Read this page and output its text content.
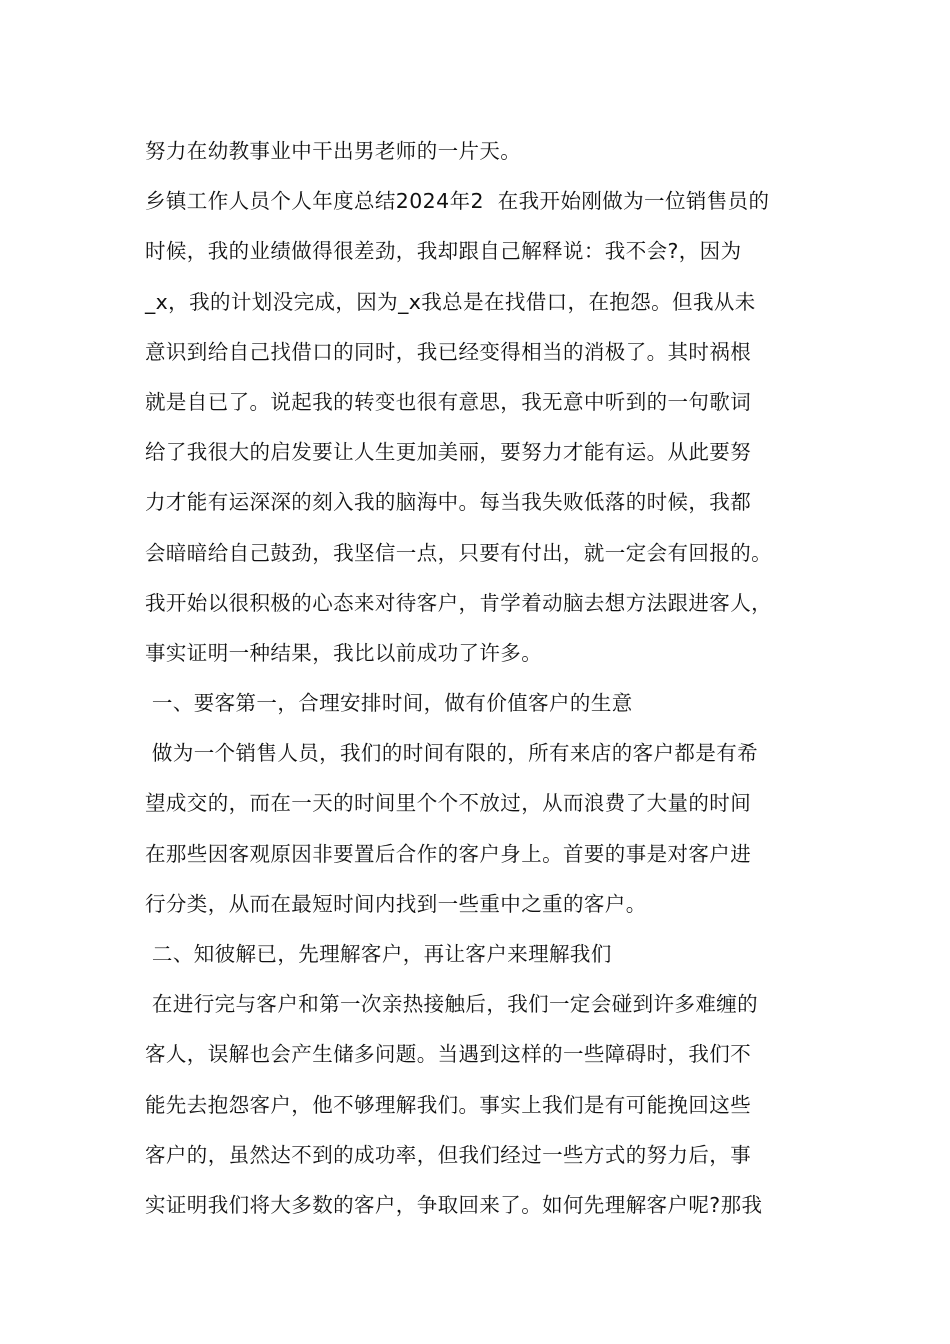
努力在幼教事业中干出男老师的一片天。
乡镇工作人员个人年度总结2024年2  在我开始刚做为一位销售员的
时候，我的业绩做得很差劲，我却跟自己解释说：我不会?，因为
_x，我的计划没完成，因为_x我总是在找借口，在抱怨。但我从未
意识到给自己找借口的同时，我已经变得相当的消极了。其时祸根
就是自已了。说起我的转变也很有意思，我无意中听到的一句歌词
给了我很大的启发要让人生更加美丽，要努力才能有运。从此要努
力才能有运深深的刻入我的脑海中。每当我失败低落的时候，我都
会暗暗给自己鼓劲，我坚信一点，只要有付出，就一定会有回报的。
我开始以很积极的心态来对待客户，肯学着动脑去想方法跟进客人，
事实证明一种结果，我比以前成功了许多。
一、要客第一，合理安排时间，做有价值客户的生意
做为一个销售人员，我们的时间有限的，所有来店的客户都是有希
望成交的，而在一天的时间里个个不放过，从而浪费了大量的时间
在那些因客观原因非要置后合作的客户身上。首要的事是对客户进
行分类，从而在最短时间内找到一些重中之重的客户。
二、知彼解已，先理解客户，再让客户来理解我们
在进行完与客户和第一次亲热接触后，我们一定会碰到许多难缠的
客人，误解也会产生储多问题。当遇到这样的一些障碍时，我们不
能先去抱怨客户，他不够理解我们。事实上我们是有可能挽回这些
客户的，虽然达不到的成功率，但我们经过一些方式的努力后，事
实证明我们将大多数的客户，争取回来了。如何先理解客户呢?那我
